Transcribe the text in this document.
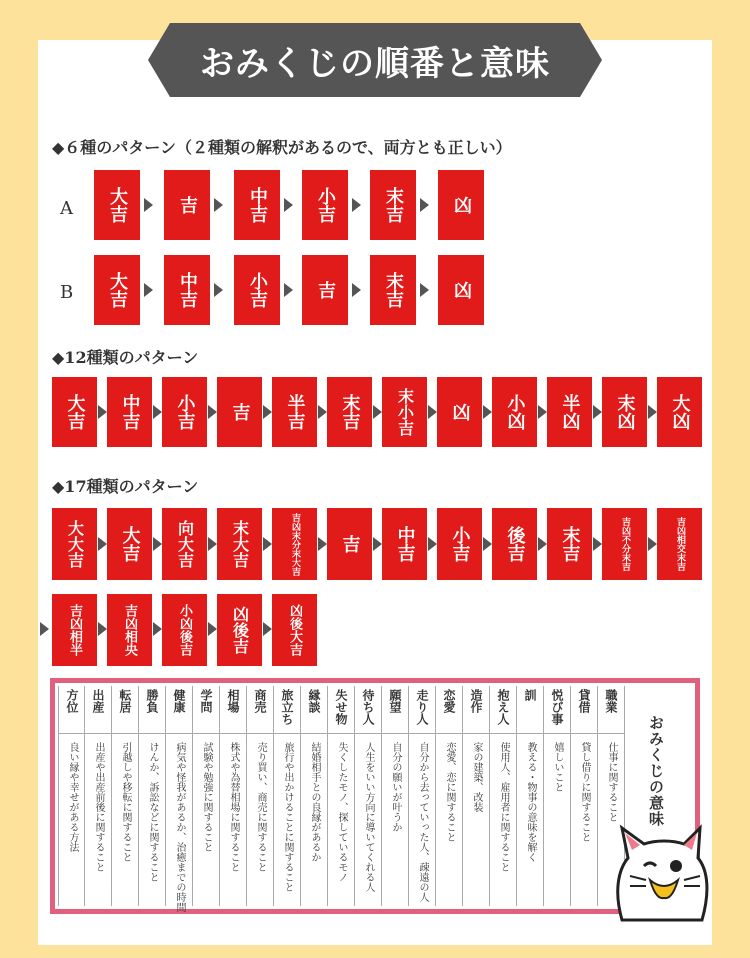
おみくじの順番と意味
◆６種のパターン（２種類の解釈があるので、両方とも正しい）
A
B
◆12種類のパターン
◆17種類のパターン
大吉	吉	中吉	小吉	末吉	凶
大吉	中吉	小吉	吉	末吉	凶
大吉 中吉 小吉 吉 半吉 末吉 末小吉 凶 小凶 半凶 末凶 大凶
大大吉 大吉 向大吉 末大吉	吉凶末分末大吉 吉 中吉 小吉 後吉 末吉	吉凶不分末吉	吉凶相交末吉
吉凶相半	吉凶相央	小凶後吉 凶後吉	凶後大吉
職業
仕事に関すること
貸借
貸し借りに関すること
悦び事
嬉しいこと
訓
教える・物事の意味を解く
抱え人
使用人、雇用者に関すること
造作
家の建築、改装
恋愛
恋愛、恋に関すること
走り人
自分から去っていった人、疎遠の人
願望
自分の願いが叶うか
待ち人
人生をいい方向に導いてくれる人
失せ物
失くしたモノ、探しているモノ
縁談
結婚相手との良縁があるか
旅立ち
旅行や出かけることに関すること
商売
売り買い、商売に関すること
相場
株式や為替相場に関すること
学問
試験や勉強に関すること
健康
病気や怪我があるか、治癒までの時間
勝負
けんか、訴訟などに関すること
転居
引越しや移転に関すること
出産
出産や出産前後に関すること
方位
良い縁や幸せがある方法	おみくじの意味
